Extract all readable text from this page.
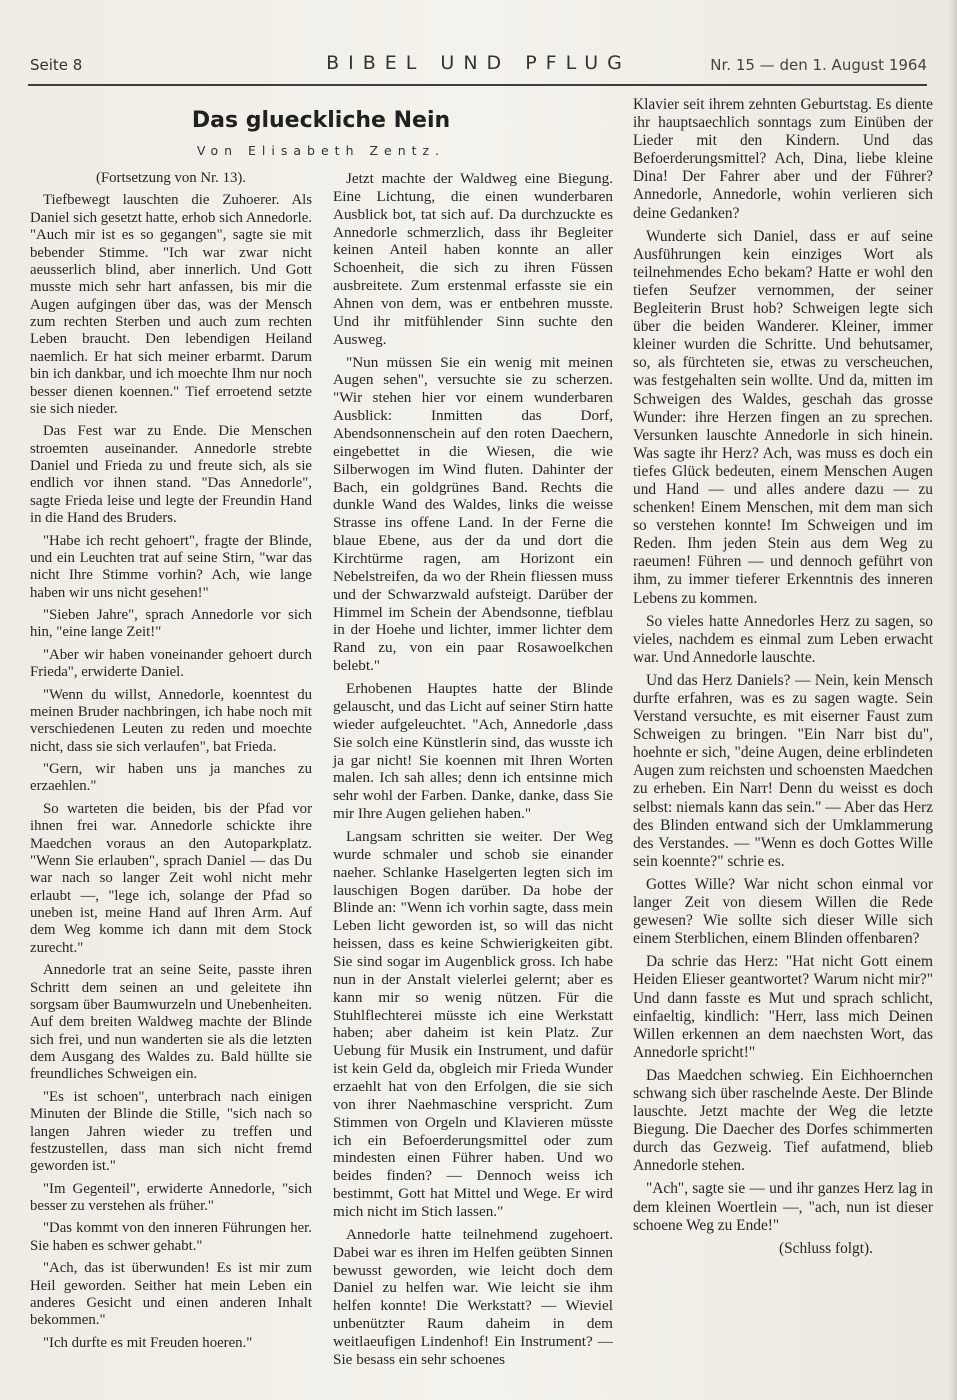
Seite 8	BIBEL UND PFLUG	Nr. 15 — den 1. August 1964
Das glueckliche Nein
Von Elisabeth Zentz.

(Fortsetzung von Nr. 13).

Tiefbewegt lauschten die Zuhoerer. Als Daniel sich gesetzt hatte, erhob sich Annedorle. "Auch mir ist es so gegangen", sagte sie mit bebender Stimme. "Ich war zwar nicht aeusserlich blind, aber innerlich. Und Gott musste mich sehr hart anfassen, bis mir die Augen aufgingen über das, was der Mensch zum rechten Sterben und auch zum rechten Leben braucht. Den lebendigen Heiland naemlich. Er hat sich meiner erbarmt. Darum bin ich dankbar, und ich moechte Ihm nur noch besser dienen koennen." Tief erroetend setzte sie sich nieder.

Das Fest war zu Ende. Die Menschen stroemten auseinander. Annedorle strebte Daniel und Frieda zu und freute sich, als sie endlich vor ihnen stand. "Das Annedorle", sagte Frieda leise und legte der Freundin Hand in die Hand des Bruders.

"Habe ich recht gehoert", fragte der Blinde, und ein Leuchten trat auf seine Stirn, "war das nicht Ihre Stimme vorhin? Ach, wie lange haben wir uns nicht gesehen!"

"Sieben Jahre", sprach Annedorle vor sich hin, "eine lange Zeit!"

"Aber wir haben voneinander gehoert durch Frieda", erwiderte Daniel.

"Wenn du willst, Annedorle, koenntest du meinen Bruder nachbringen, ich habe noch mit verschiedenen Leuten zu reden und moechte nicht, dass sie sich verlaufen", bat Frieda.

"Gern, wir haben uns ja manches zu erzaehlen."

So warteten die beiden, bis der Pfad vor ihnen frei war. Annedorle schickte ihre Maedchen voraus an den Autoparkplatz. "Wenn Sie erlauben", sprach Daniel — das Du war nach so langer Zeit wohl nicht mehr erlaubt —, "lege ich, solange der Pfad so uneben ist, meine Hand auf Ihren Arm. Auf dem Weg komme ich dann mit dem Stock zurecht."

Annedorle trat an seine Seite, passte ihren Schritt dem seinen an und geleitete ihn sorgsam über Baumwurzeln und Unebenheiten. Auf dem breiten Waldweg machte der Blinde sich frei, und nun wanderten sie als die letzten dem Ausgang des Waldes zu. Bald hüllte sie freundliches Schweigen ein.

"Es ist schoen", unterbrach nach einigen Minuten der Blinde die Stille, "sich nach so langen Jahren wieder zu treffen und festzustellen, dass man sich nicht fremd geworden ist."

"Im Gegenteil", erwiderte Annedorle, "sich besser zu verstehen als früher."

"Das kommt von den inneren Führungen her. Sie haben es schwer gehabt."

"Ach, das ist überwunden! Es ist mir zum Heil geworden. Seither hat mein Leben ein anderes Gesicht und einen anderen Inhalt bekommen."

"Ich durfte es mit Freuden hoeren."

Jetzt machte der Waldweg eine Biegung. Eine Lichtung, die einen wunderbaren Ausblick bot, tat sich auf. Da durchzuckte es Annedorle schmerzlich, dass ihr Begleiter keinen Anteil haben konnte an aller Schoenheit, die sich zu ihren Füssen ausbreitete. Zum erstenmal erfasste sie ein Ahnen von dem, was er entbehren musste. Und ihr mitfühlender Sinn suchte den Ausweg.

"Nun müssen Sie ein wenig mit meinen Augen sehen", versuchte sie zu scherzen. "Wir stehen hier vor einem wunderbaren Ausblick: Inmitten das Dorf, Abendsonnenschein auf den roten Daechern, eingebettet in die Wiesen, die wie Silberwogen im Wind fluten. Dahinter der Bach, ein goldgrünes Band. Rechts die dunkle Wand des Waldes, links die weisse Strasse ins offene Land. In der Ferne die blaue Ebene, aus der da und dort die Kirchtürme ragen, am Horizont ein Nebelstreifen, da wo der Rhein fliessen muss und der Schwarzwald aufsteigt. Darüber der Himmel im Schein der Abendsonne, tiefblau in der Hoehe und lichter, immer lichter dem Rand zu, von ein paar Rosawoelkchen belebt."

Erhobenen Hauptes hatte der Blinde gelauscht, und das Licht auf seiner Stirn hatte wieder aufgeleuchtet. "Ach, Annedorle ,dass Sie solch eine Künstlerin sind, das wusste ich ja gar nicht! Sie koennen mit Ihren Worten malen. Ich sah alles; denn ich entsinne mich sehr wohl der Farben. Danke, danke, dass Sie mir Ihre Augen geliehen haben."

Langsam schritten sie weiter. Der Weg wurde schmaler und schob sie einander naeher. Schlanke Haselgerten legten sich im lauschigen Bogen darüber. Da hobe der Blinde an: "Wenn ich vorhin sagte, dass mein Leben licht geworden ist, so will das nicht heissen, dass es keine Schwierigkeiten gibt. Sie sind sogar im Augenblick gross. Ich habe nun in der Anstalt vielerlei gelernt; aber es kann mir so wenig nützen. Für die Stuhlflechterei müsste ich eine Werkstatt haben; aber daheim ist kein Platz. Zur Uebung für Musik ein Instrument, und dafür ist kein Geld da, obgleich mir Frieda Wunder erzaehlt hat von den Erfolgen, die sie sich von ihrer Naehmaschine verspricht. Zum Stimmen von Orgeln und Klavieren müsste ich ein Befoerderungsmittel oder zum mindesten einen Führer haben. Und wo beides finden? — Dennoch weiss ich bestimmt, Gott hat Mittel und Wege. Er wird mich nicht im Stich lassen."

Annedorle hatte teilnehmend zugehoert. Dabei war es ihren im Helfen geübten Sinnen bewusst geworden, wie leicht doch dem Daniel zu helfen war. Wie leicht sie ihm helfen konnte! Die Werkstatt? — Wieviel unbenützter Raum daheim in dem weitlaeufigen Lindenhof! Ein Instrument? — Sie besass ein sehr schoenes

Klavier seit ihrem zehnten Geburtstag. Es diente ihr hauptsaechlich sonntags zum Einüben der Lieder mit den Kindern. Und das Befoerderungsmittel? Ach, Dina, liebe kleine Dina! Der Fahrer aber und der Führer? Annedorle, Annedorle, wohin verlieren sich deine Gedanken?

Wunderte sich Daniel, dass er auf seine Ausführungen kein einziges Wort als teilnehmendes Echo bekam? Hatte er wohl den tiefen Seufzer vernommen, der seiner Begleiterin Brust hob? Schweigen legte sich über die beiden Wanderer. Kleiner, immer kleiner wurden die Schritte. Und behutsamer, so, als fürchteten sie, etwas zu verscheuchen, was festgehalten sein wollte. Und da, mitten im Schweigen des Waldes, geschah das grosse Wunder: ihre Herzen fingen an zu sprechen. Versunken lauschte Annedorle in sich hinein. Was sagte ihr Herz? Ach, was muss es doch ein tiefes Glück bedeuten, einem Menschen Augen und Hand — und alles andere dazu — zu schenken! Einem Menschen, mit dem man sich so verstehen konnte! Im Schweigen und im Reden. Ihm jeden Stein aus dem Weg zu raeumen! Führen — und dennoch geführt von ihm, zu immer tieferer Erkenntnis des inneren Lebens zu kommen.

So vieles hatte Annedorles Herz zu sagen, so vieles, nachdem es einmal zum Leben erwacht war. Und Annedorle lauschte.

Und das Herz Daniels? — Nein, kein Mensch durfte erfahren, was es zu sagen wagte. Sein Verstand versuchte, es mit eiserner Faust zum Schweigen zu bringen. "Ein Narr bist du", hoehnte er sich, "deine Augen, deine erblindeten Augen zum reichsten und schoensten Maedchen zu erheben. Ein Narr! Denn du weisst es doch selbst: niemals kann das sein." — Aber das Herz des Blinden entwand sich der Umklammerung des Verstandes. — "Wenn es doch Gottes Wille sein koennte?" schrie es.

Gottes Wille? War nicht schon einmal vor langer Zeit von diesem Willen die Rede gewesen? Wie sollte sich dieser Wille sich einem Sterblichen, einem Blinden offenbaren?

Da schrie das Herz: "Hat nicht Gott einem Heiden Elieser geantwortet? Warum nicht mir?" Und dann fasste es Mut und sprach schlicht, einfaeltig, kindlich: "Herr, lass mich Deinen Willen erkennen an dem naechsten Wort, das Annedorle spricht!"

Das Maedchen schwieg. Ein Eichhoernchen schwang sich über raschelnde Aeste. Der Blinde lauschte. Jetzt machte der Weg die letzte Biegung. Die Daecher des Dorfes schimmerten durch das Gezweig. Tief aufatmend, blieb Annedorle stehen.

"Ach", sagte sie — und ihr ganzes Herz lag in dem kleinen Woertlein —, "ach, nun ist dieser schoene Weg zu Ende!"

(Schluss folgt).
